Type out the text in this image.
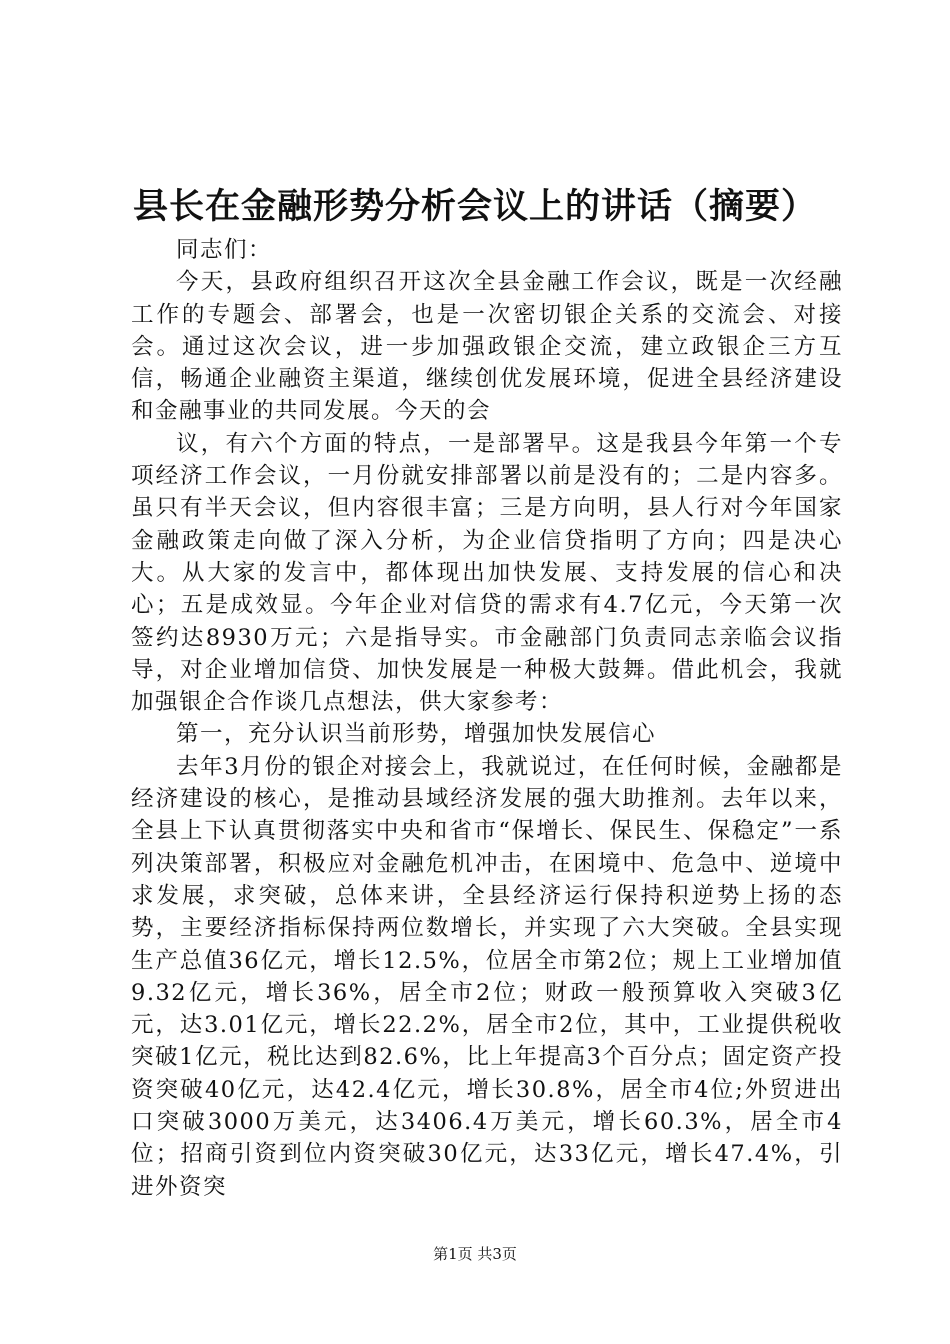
县长在金融形势分析会议上的讲话（摘要）

同志们：

今天，县政府组织召开这次全县金融工作会议，既是一次经融工作的专题会、部署会，也是一次密切银企关系的交流会、对接会。通过这次会议，进一步加强政银企交流，建立政银企三方互信，畅通企业融资主渠道，继续创优发展环境，促进全县经济建设和金融事业的共同发展。今天的会

议，有六个方面的特点，一是部署早。这是我县今年第一个专项经济工作会议，一月份就安排部署以前是没有的；二是内容多。虽只有半天会议，但内容很丰富；三是方向明，县人行对今年国家金融政策走向做了深入分析，为企业信贷指明了方向；四是决心大。从大家的发言中，都体现出加快发展、支持发展的信心和决心；五是成效显。今年企业对信贷的需求有4.7亿元，今天第一次签约达8930万元；六是指导实。市金融部门负责同志亲临会议指导，对企业增加信贷、加快发展是一种极大鼓舞。借此机会，我就加强银企合作谈几点想法，供大家参考：

第一，充分认识当前形势，增强加快发展信心

去年3月份的银企对接会上，我就说过，在任何时候，金融都是经济建设的核心，是推动县域经济发展的强大助推剂。去年以来，全县上下认真贯彻落实中央和省市“保增长、保民生、保稳定”一系列决策部署，积极应对金融危机冲击，在困境中、危急中、逆境中求发展，求突破，总体来讲，全县经济运行保持积逆势上扬的态势，主要经济指标保持两位数增长，并实现了六大突破。全县实现生产总值36亿元，增长12.5%，位居全市第2位；规上工业增加值9.32亿元，增长36%，居全市2位；财政一般预算收入突破3亿元，达3.01亿元，增长22.2%，居全市2位，其中，工业提供税收突破1亿元，税比达到82.6%，比上年提高3个百分点；固定资产投资突破40亿元，达42.4亿元，增长30.8%，居全市4位;外贸进出口突破3000万美元，达3406.4万美元，增长60.3%，居全市4位；招商引资到位内资突破30亿元，达33亿元，增长47.4%，引进外资突

第1页 共3页
